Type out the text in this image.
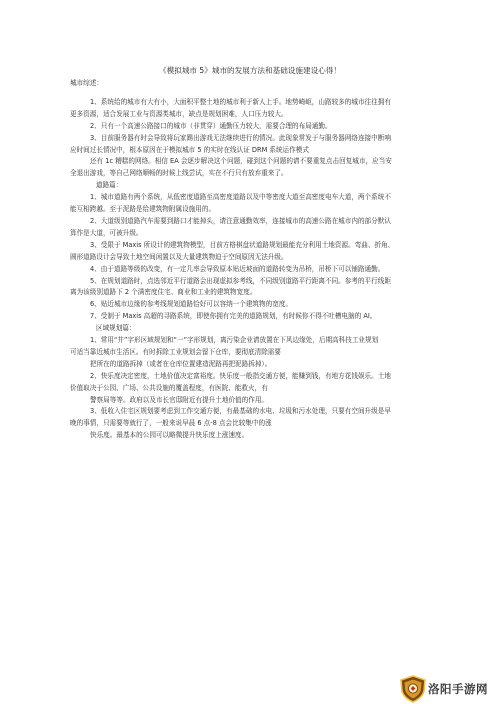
《模拟城市 5》城市的发展方法和基础设施建设心得！

城市综述：

1、系统给的城市有大有小，大面积平整土地的城市利于新人上手。地势崎岖，山路较多的城市往往拥有

更多资源，适合发展工业与资源类城市，缺点是规划困难，人口压力较大。

2、只有一个高速公路接口的城市（非贯穿）通勤压力较大，需要合理的布局通勤。

3、目前服务器有时会导致将玩家踢出游戏无法继续进行的情况。此现象常发于与服务器网络连接中断响

应时间过长情况中，根本原因在于模拟城市 5 的实时在线认证 DRM 系统运作模式

还有 1c 糟糕的网络。相信 EA 会逐步解决这个问题，碰到这个问题的请不要重复点击回复城市，应当安

全退出游戏，等自己网络顺畅的时候上线尝试，实在不行只有放弃重来了。

道路篇：

1、城市道路有两个系统，从低密度道路至高密度道路以及中等密度大道至高密度电车大道，两个系统不

能互相跨越。至于泥路是给建筑物附属设施用的。

2、大道级别道路汽车需要到路口才能掉头，请注意通勤效率，连接城市的高速公路在城市内的部分默认

算作是大道，可被升级。

3、受限于 Maxis 所设计的建筑物模型，目前方格棋盘状道路规划最能充分利用土地资源。弯曲、折角、

圆形道路设计会导致土地空间闲置以及大量建筑物迫于空间原因无法升级。

4、由于道路等级的改变，有一定几率会导致原本贴近坡面的道路转变为吊桥，吊桥下可以铺路通勤。

5、在规划道路时，点选邻近平行道路会出现虚拟参考线，不同级别道路平行距离不同。参考的平行线距

离为该级别道路下 2 个满密度住宅、商业和工业的建筑物宽度。

6、贴近城市边缘的参考线规划道路恰好可以容纳一个建筑物的宽度。

7、受制于 Maxis 高超的寻路系统，即使你拥有完美的道路规划，有时候你不得不吐槽电脑的 AI。

区域规划篇：

1、常用“井”字形区域规划和“一”字形规划，离污染企业请放置在下风边缘处，后期高科技工业规划

可适当靠近城市生活区。有时拆除工业规划会留下仓库，要彻底清除需要

把所在的道路拆掉（或者在仓库位置建造泥路再把泥路拆掉）。

2、快乐度决定密度，土地价值决定富裕度。快乐度一般指交通方便，能赚到钱，有地方花钱娱乐。土地

价值取决于公园、广场、公共设施的覆盖程度，有医院、能救火，有

警察局等等。政府以及市长官邸附近有提升土地价值的作用。

3、低收入住宅区规划要考虑到工作交通方便，有最基础的水电、垃圾和污水处理，只要有空间升级是早

晚的事情，只需要等就行了，一般来说早晨 6 点-8 点会比较集中的涨

快乐度。最基本的公园可以略微提升快乐度上涨速度。

洛阳手游网
